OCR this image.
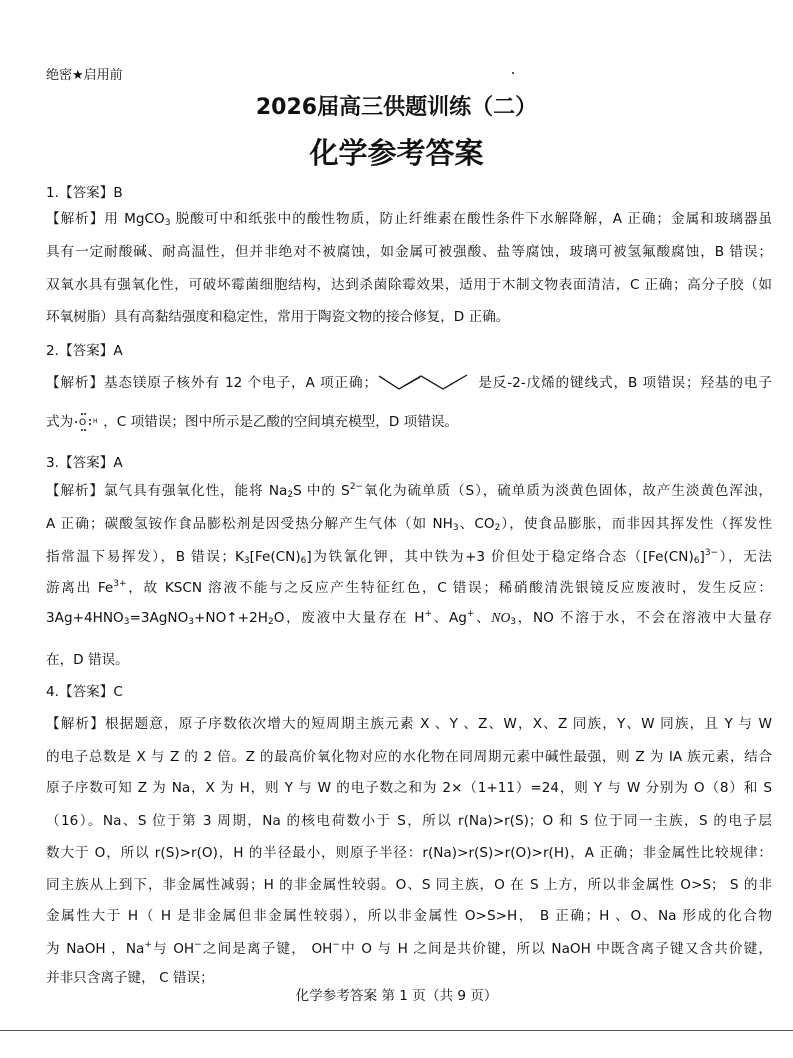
绝密★启用前
2026届高三供题训练（二）
化学参考答案
1.【答案】B
【解析】用 MgCO$_3$ 脱酸可中和纸张中的酸性物质，防止纤维素在酸性条件下水解降解，A 正确；金属和玻璃器虽
具有一定耐酸碱、耐高温性，但并非绝对不被腐蚀，如金属可被强酸、盐等腐蚀，玻璃可被氢氟酸腐蚀，B 错误；
双氧水具有强氧化性，可破坏霉菌细胞结构，达到杀菌除霉效果，适用于木制文物表面清洁，C 正确；高分子胶（如
环氧树脂）具有高黏结强度和稳定性，常用于陶瓷文物的接合修复，D 正确。
2.【答案】A
【解析】基态镁原子核外有 12 个电子，A 项正确；	是反-2-戊烯的键线式，B 项错误；羟基的电子
式为 O H ，C 项错误；图中所示是乙酸的空间填充模型，D 项错误。
3.【答案】A
【解析】氯气具有强氧化性，能将 $Na_2S$ 中的 $S^{2-}$氧化为硫单质（S），硫单质为淡黄色固体，故产生淡黄色浑浊，
A 正确；碳酸氢铵作食品膨松剂是因受热分解产生气体（如 $NH_3$、$CO_2$），使食品膨胀，而非因其挥发性（挥发性
指常温下易挥发），B 错误；$K_3[Fe(CN)_6]$为铁氰化钾，其中铁为+3 价但处于稳定络合态$([Fe(CN)_6]^{3-})$，无法
游离出 $Fe^{3+}$，故 KSCN 溶液不能与之反应产生特征红色，C 错误；稀硝酸清洗银镜反应废液时，发生反应：
$3Ag+4HNO_3=3AgNO_3+NO↑+2H_2O$，废液中大量存在 H+、Ag+、$NO_3$，NO 不溶于水，不会在溶液中大量存
在，D 错误。
4.【答案】C
【解析】根据题意，原子序数依次增大的短周期主族元素 X 、Y 、Z、W，X、Z 同族，Y、W 同族，且 Y 与 W
的电子总数是 X 与 Z 的 2 倍。Z 的最高价氧化物对应的水化物在同周期元素中碱性最强，则 Z 为 IA 族元素，结合
原子序数可知 Z 为 Na，X 为 H，则 Y 与 W 的电子数之和为 2×（1+11）=24，则 Y 与 W 分别为 O（8）和 S
（16）。Na、S 位于第 3 周期，Na 的核电荷数小于 S，所以 r(Na)>r(S)；O 和 S 位于同一主族，S 的电子层
数大于 O，所以 r(S)>r(O)，H 的半径最小，则原子半径：r(Na)>r(S)>r(O)>r(H)，A 正确；非金属性比较规律：
同主族从上到下，非金属性减弱；H 的非金属性较弱。O、S 同主族，O 在 S 上方，所以非金属性 O>S； S 的非
金属性大于 H（ H 是非金属但非金属性较弱），所以非金属性 O>S>H， B 正确；H 、O、Na 形成的化合物
为 NaOH ，Na+与 OH−之间是离子键， OH−中 O 与 H 之间是共价键，所以 NaOH 中既含离子键又含共价键，
并非只含离子键， C 错误；
化学参考答案 第 1 页（共 9 页）
